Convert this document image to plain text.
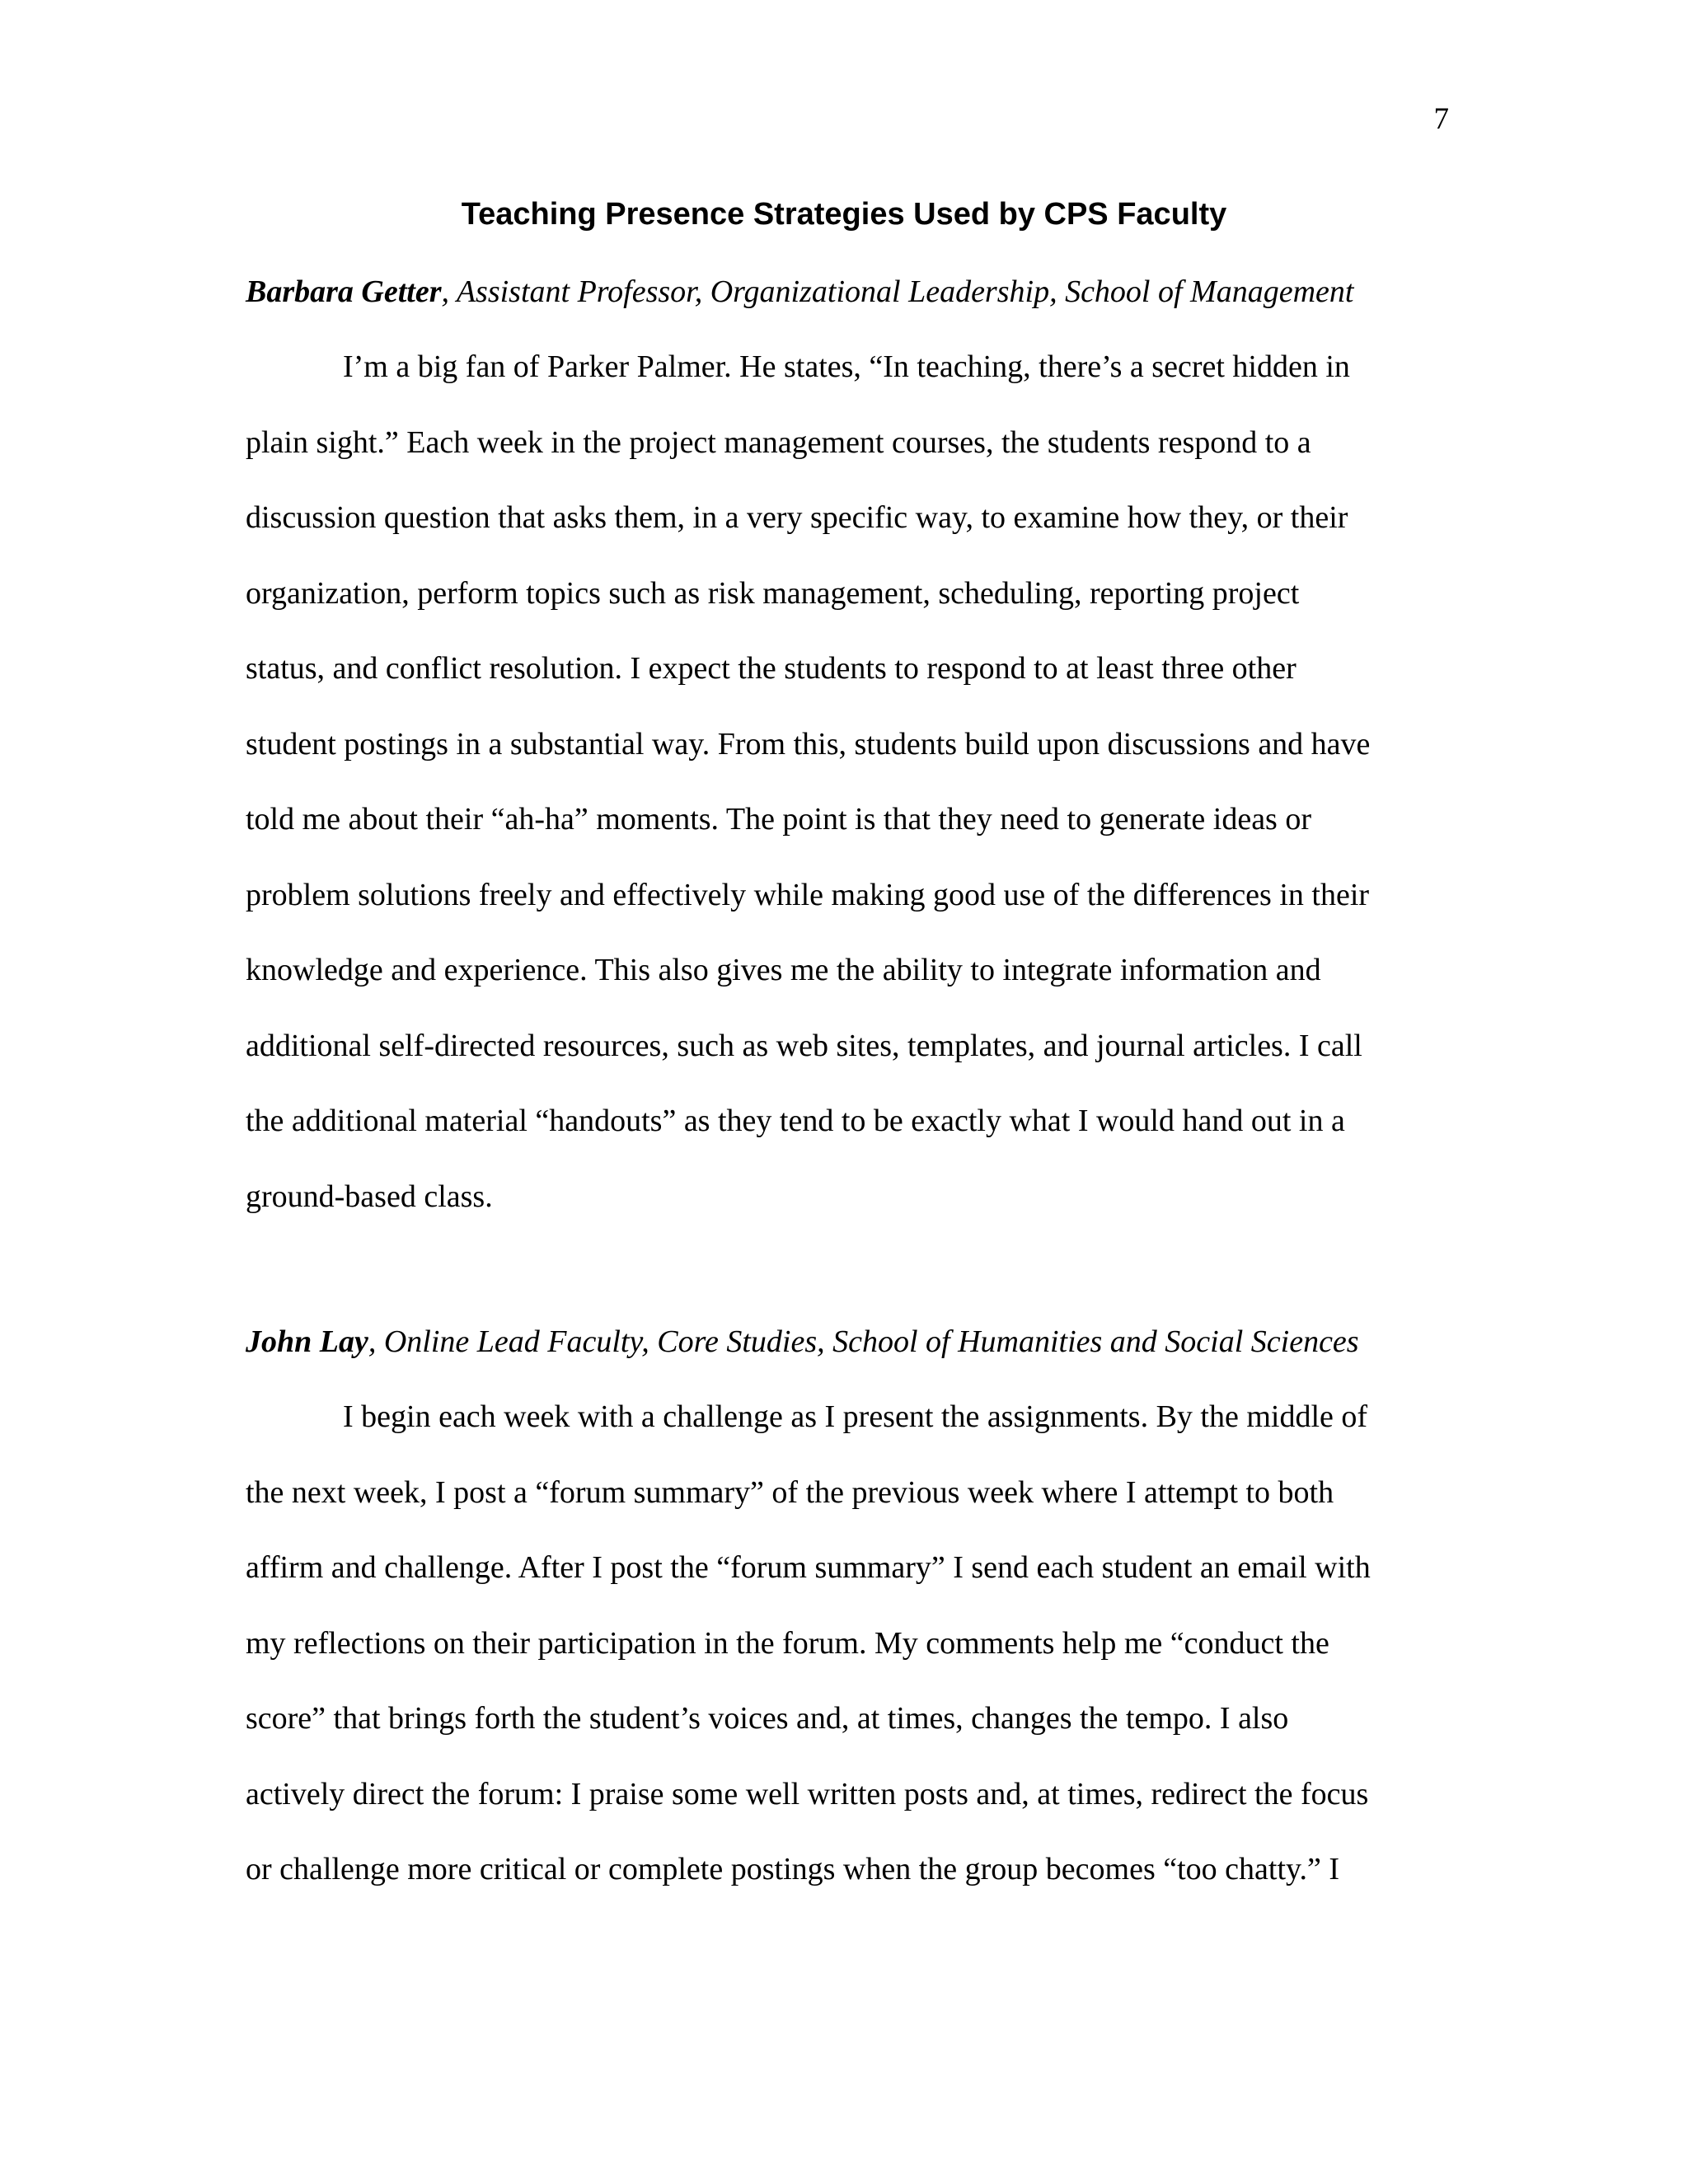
7
Teaching Presence Strategies Used by CPS Faculty

Barbara Getter, Assistant Professor, Organizational Leadership, School of Management

I’m a big fan of Parker Palmer. He states, “In teaching, there’s a secret hidden in
plain sight.” Each week in the project management courses, the students respond to a
discussion question that asks them, in a very specific way, to examine how they, or their
organization, perform topics such as risk management, scheduling, reporting project
status, and conflict resolution. I expect the students to respond to at least three other
student postings in a substantial way. From this, students build upon discussions and have
told me about their “ah-ha” moments. The point is that they need to generate ideas or
problem solutions freely and effectively while making good use of the differences in their
knowledge and experience. This also gives me the ability to integrate information and
additional self-directed resources, such as web sites, templates, and journal articles. I call
the additional material “handouts” as they tend to be exactly what I would hand out in a
ground-based class.

John Lay, Online Lead Faculty, Core Studies, School of Humanities and Social Sciences

I begin each week with a challenge as I present the assignments. By the middle of
the next week, I post a “forum summary” of the previous week where I attempt to both
affirm and challenge. After I post the “forum summary” I send each student an email with
my reflections on their participation in the forum. My comments help me “conduct the
score” that brings forth the student’s voices and, at times, changes the tempo. I also
actively direct the forum: I praise some well written posts and, at times, redirect the focus
or challenge more critical or complete postings when the group becomes “too chatty.” I
